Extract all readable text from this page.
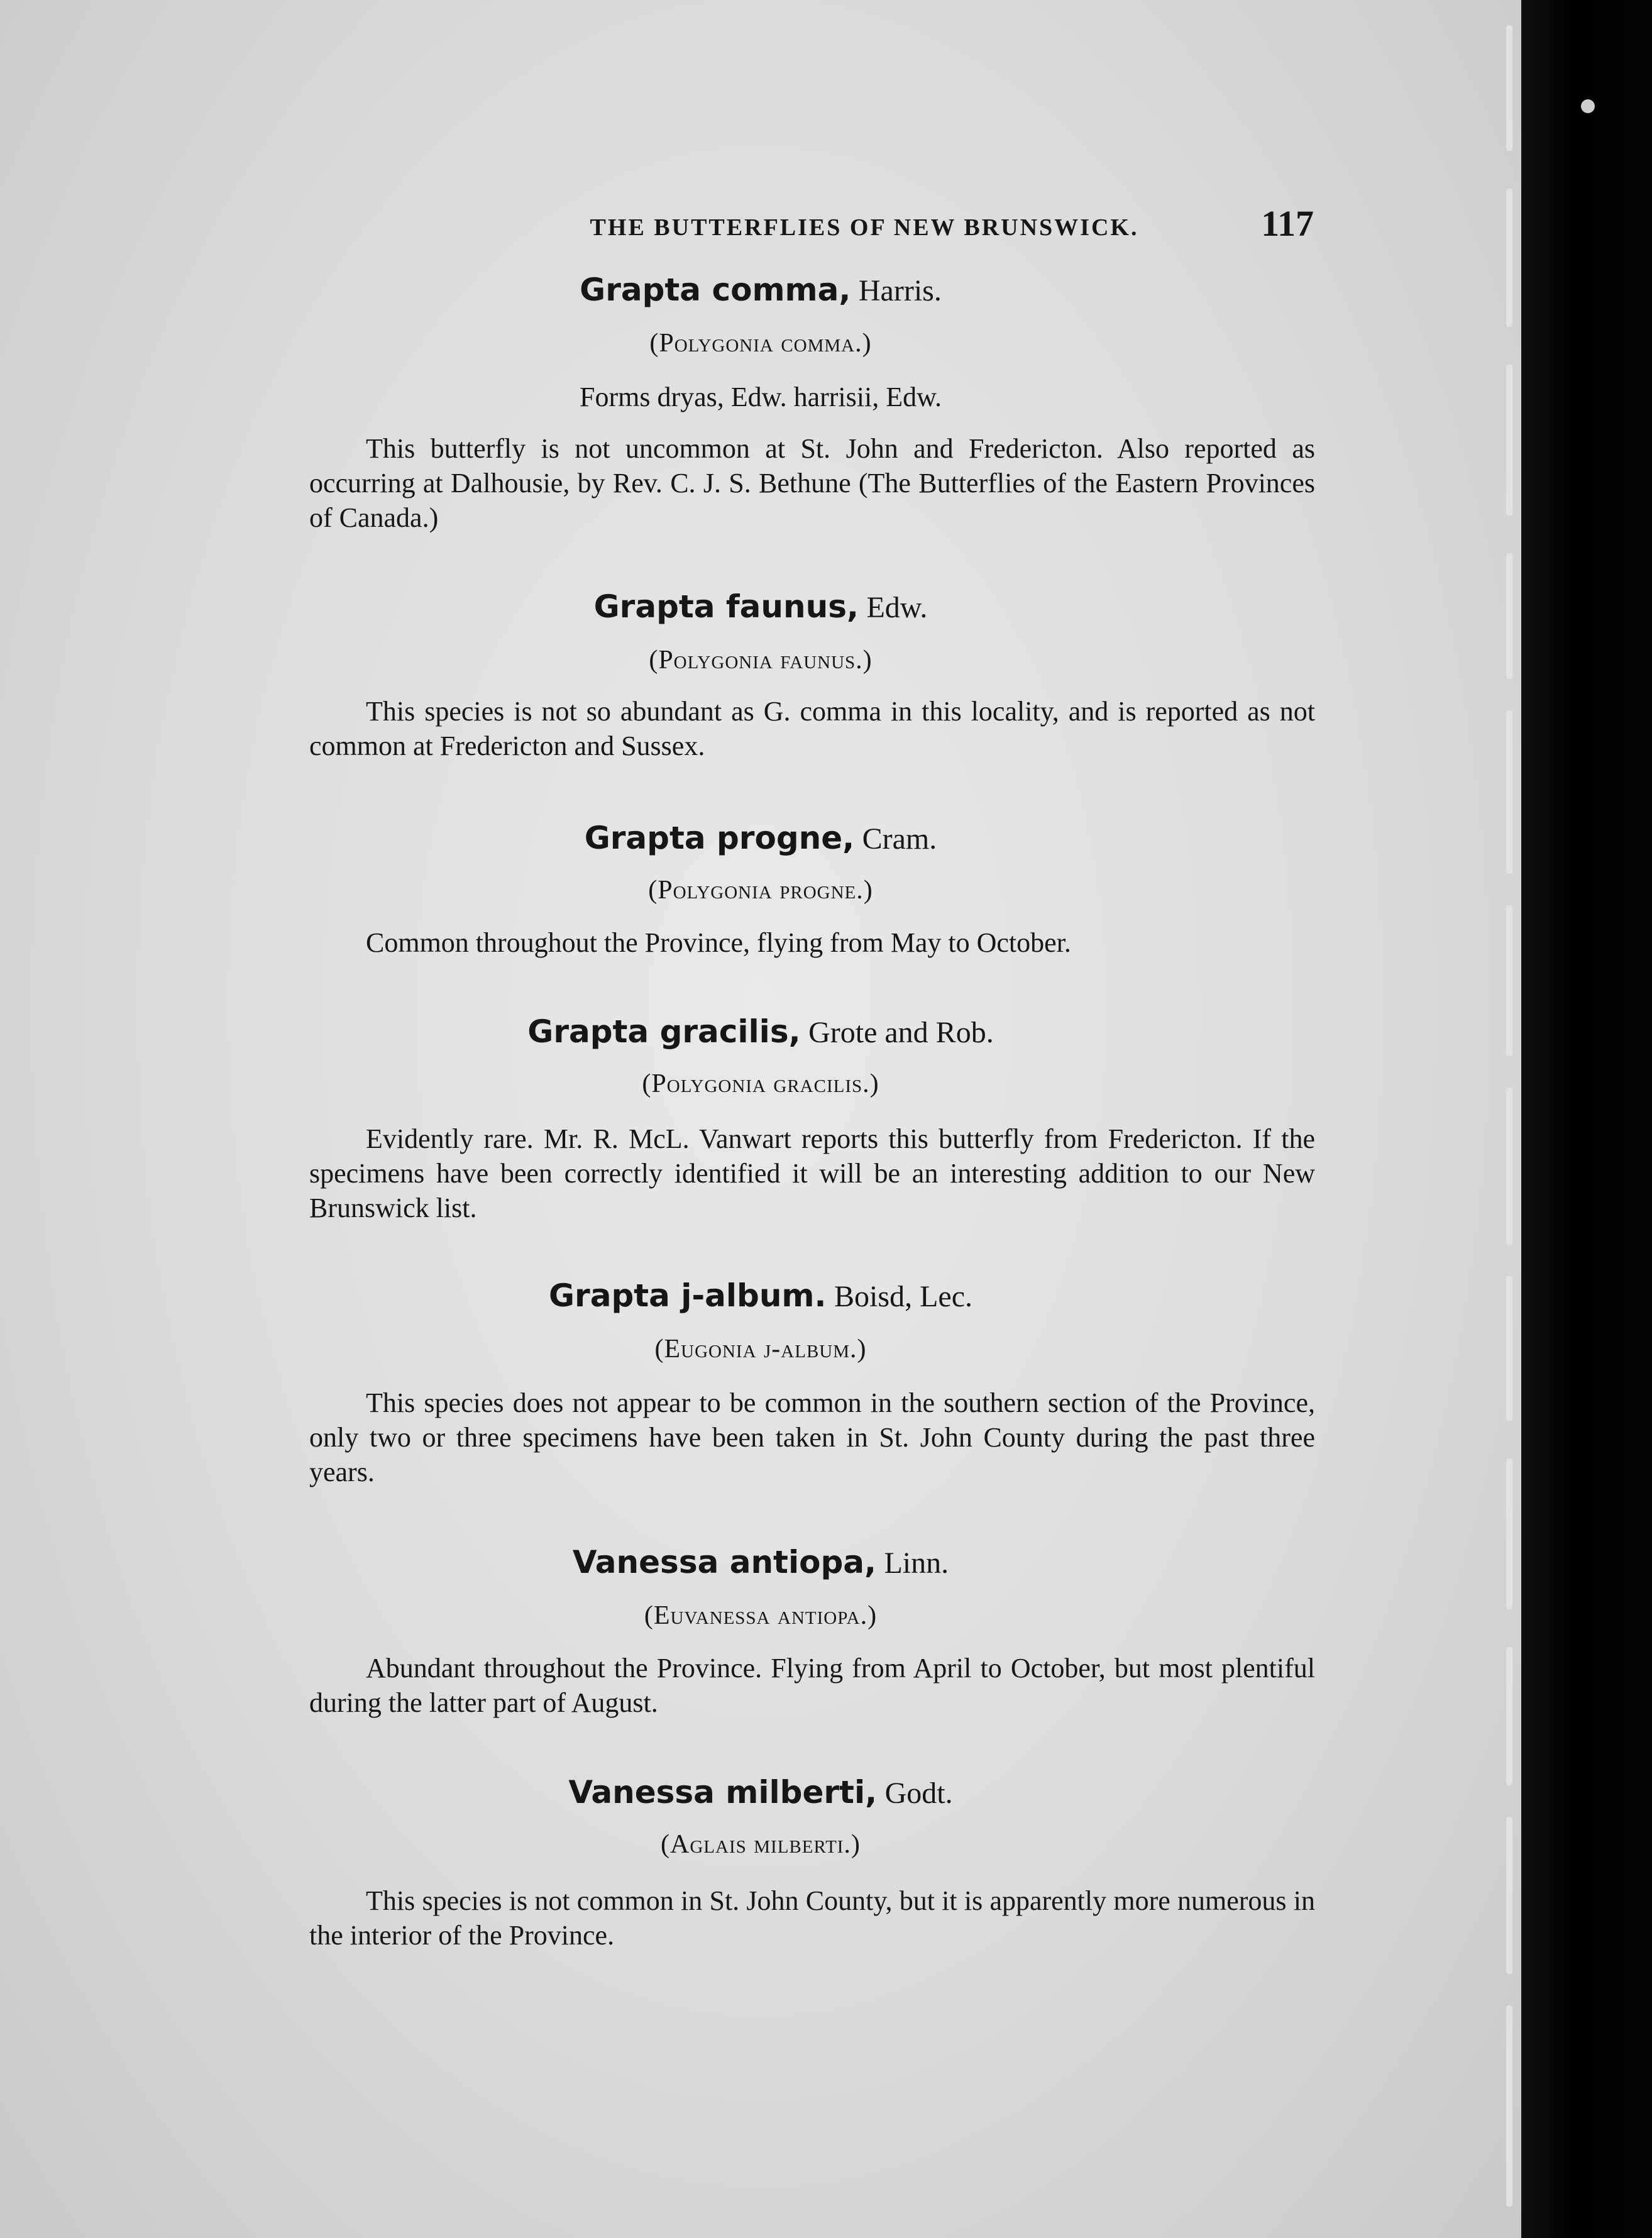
THE BUTTERFLIES OF NEW BRUNSWICK.	117
Grapta comma, Harris.
(Polygonia comma.)
Forms dryas, Edw. harrisii, Edw.
This butterfly is not uncommon at St. John and Fredericton. Also reported as occurring at Dalhousie, by Rev. C. J. S. Bethune (The Butterflies of the Eastern Provinces of Canada.)
Grapta faunus, Edw.
(Polygonia faunus.)
This species is not so abundant as G. comma in this locality, and is reported as not common at Fredericton and Sussex.
Grapta progne, Cram.
(Polygonia progne.)
Common throughout the Province, flying from May to October.
Grapta gracilis, Grote and Rob.
(Polygonia gracilis.)
Evidently rare. Mr. R. McL. Vanwart reports this butterfly from Fredericton. If the specimens have been correctly identified it will be an interesting addition to our New Brunswick list.
Grapta j-album. Boisd, Lec.
(Eugonia j-album.)
This species does not appear to be common in the southern section of the Province, only two or three specimens have been taken in St. John County during the past three years.
Vanessa antiopa, Linn.
(Euvanessa antiopa.)
Abundant throughout the Province. Flying from April to October, but most plentiful during the latter part of August.
Vanessa milberti, Godt.
(Aglais milberti.)
This species is not common in St. John County, but it is apparently more numerous in the interior of the Province.
